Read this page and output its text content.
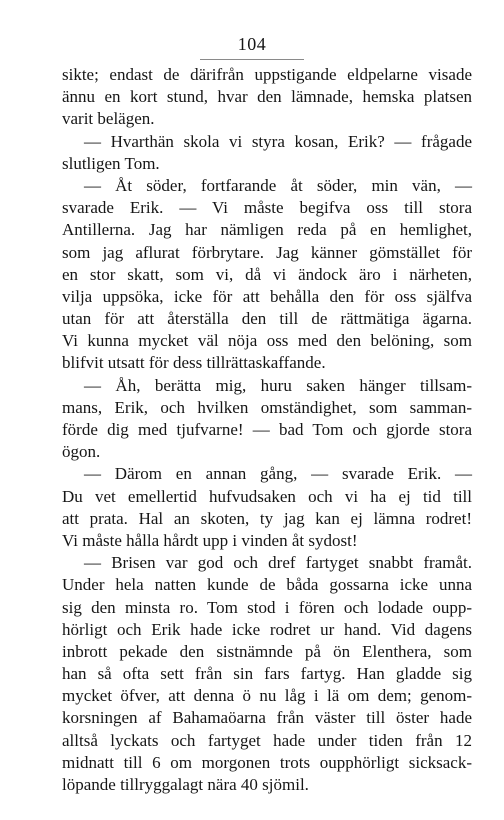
104
sikte; endast de därifrån uppstigande eldpelarne visade
ännu en kort stund, hvar den lämnade, hemska platsen
varit belägen.
— Hvarthän skola vi styra kosan, Erik? — frågade
slutligen Tom.
— Åt söder, fortfarande åt söder, min vän, —
svarade Erik. — Vi måste begifva oss till stora
Antillerna. Jag har nämligen reda på en hemlighet,
som jag aflurat förbrytare. Jag känner gömstället för
en stor skatt, som vi, då vi ändock äro i närheten,
vilja uppsöka, icke för att behålla den för oss själfva
utan för att återställa den till de rättmätiga ägarna.
Vi kunna mycket väl nöja oss med den belöning, som
blifvit utsatt för dess tillrättaskaffande.
— Åh, berätta mig, huru saken hänger tillsam-
mans, Erik, och hvilken omständighet, som samman-
förde dig med tjufvarne! — bad Tom och gjorde stora
ögon.
— Därom en annan gång, — svarade Erik. —
Du vet emellertid hufvudsaken och vi ha ej tid till
att prata. Hal an skoten, ty jag kan ej lämna rodret!
Vi måste hålla hårdt upp i vinden åt sydost!
— Brisen var god och dref fartyget snabbt framåt.
Under hela natten kunde de båda gossarna icke unna
sig den minsta ro. Tom stod i fören och lodade oupp-
hörligt och Erik hade icke rodret ur hand. Vid dagens
inbrott pekade den sistnämnde på ön Elenthera, som
han så ofta sett från sin fars fartyg. Han gladde sig
mycket öfver, att denna ö nu låg i lä om dem; genom-
korsningen af Bahamaöarna från väster till öster hade
alltså lyckats och fartyget hade under tiden från 12
midnatt till 6 om morgonen trots oupphörligt sicksack-
löpande tillryggalagt nära 40 sjömil.
